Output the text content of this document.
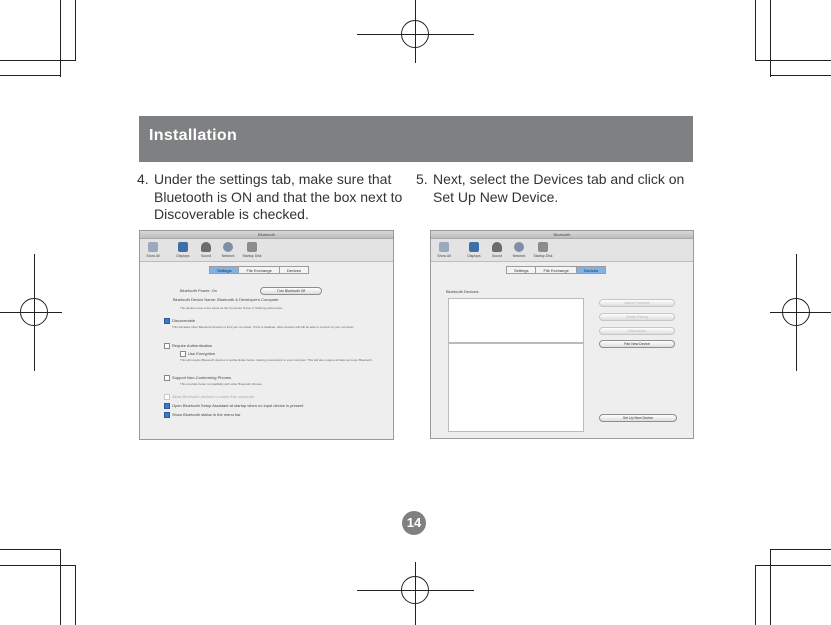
Installation
4. Under the settings tab, make sure that Bluetooth is ON and that the box next to Discoverable is checked.
5. Next, select the Devices tab and click on Set Up New Device.
Bluetooth
Show All	Displays	Sound	Network	Startup Disk
Settings	File Exchange	Devices
Bluetooth Power: On	Turn Bluetooth Off
Bluetooth Device Name: Bluetooth & Developer's Computer
The device name is the same as the Computer Name in Sharing preferences.
Discoverable
This will allow other Bluetooth devices to find your computer. If this is disabled, other devices will still be able to connect to your computer.
Require Authentication
Use Encryption
This will require Bluetooth devices to authenticate before making connections to your computer. This will also require all data sent over Bluetooth.
Support Non-Conforming Phones
This provides better compatibility with older Bluetooth phones.
Allow Bluetooth devices to wake this computer
Open Bluetooth Setup Assistant at startup when no input device is present
Show Bluetooth status in the menu bar
Bluetooth
Show All	Displays	Sound	Network	Startup Disk
Settings	File Exchange	Devices
Bluetooth Devices:
Add to Favorites
Delete Pairing
Disconnect
Pair New Device
Set Up New Device
14
